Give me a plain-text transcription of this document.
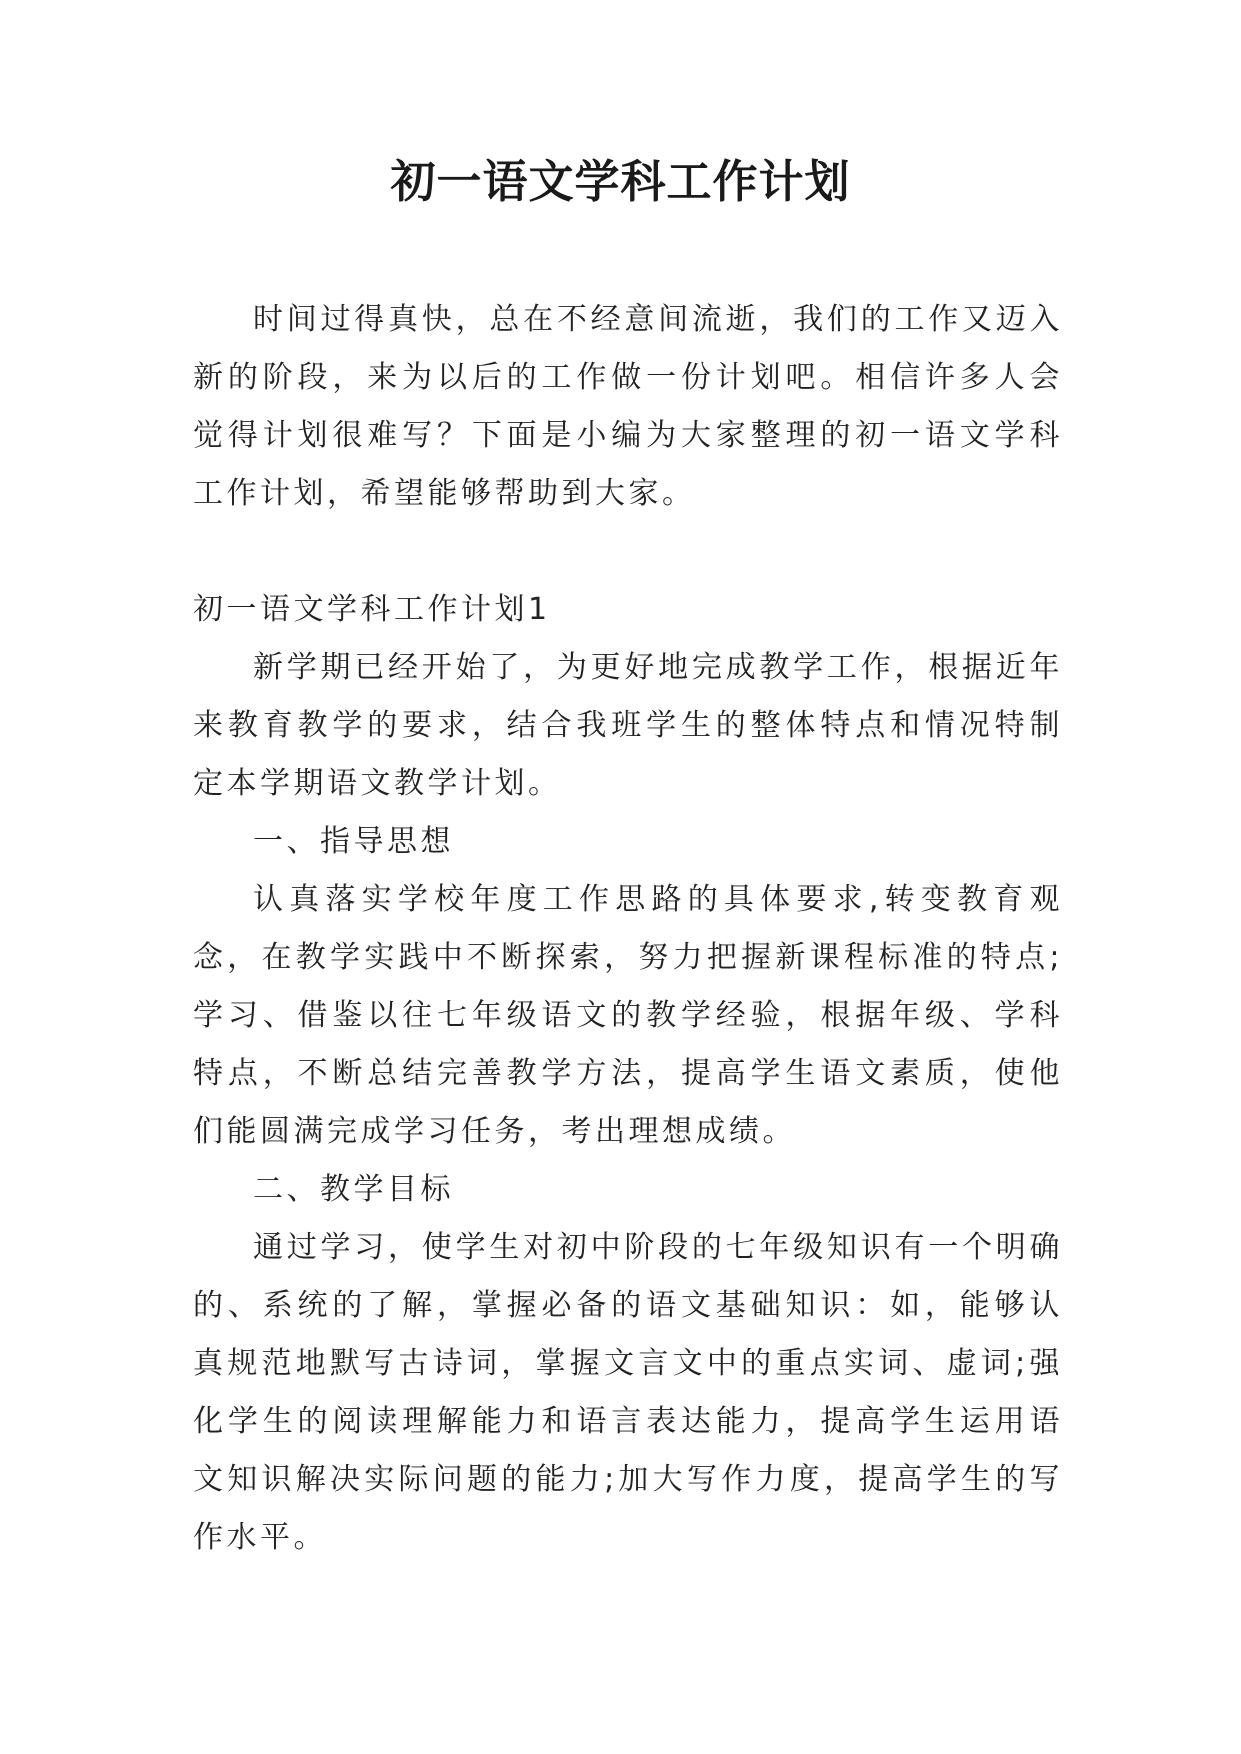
初一语文学科工作计划

时间过得真快，总在不经意间流逝，我们的工作又迈入新的阶段，来为以后的工作做一份计划吧。相信许多人会觉得计划很难写？下面是小编为大家整理的初一语文学科工作计划，希望能够帮助到大家。

初一语文学科工作计划1

新学期已经开始了，为更好地完成教学工作，根据近年来教育教学的要求，结合我班学生的整体特点和情况特制定本学期语文教学计划。

一、指导思想

认真落实学校年度工作思路的具体要求,转变教育观念，在教学实践中不断探索，努力把握新课程标准的特点;学习、借鉴以往七年级语文的教学经验，根据年级、学科特点，不断总结完善教学方法，提高学生语文素质，使他们能圆满完成学习任务，考出理想成绩。

二、教学目标

通过学习，使学生对初中阶段的七年级知识有一个明确的、系统的了解，掌握必备的语文基础知识：如，能够认真规范地默写古诗词，掌握文言文中的重点实词、虚词;强化学生的阅读理解能力和语言表达能力，提高学生运用语文知识解决实际问题的能力;加大写作力度，提高学生的写作水平。
